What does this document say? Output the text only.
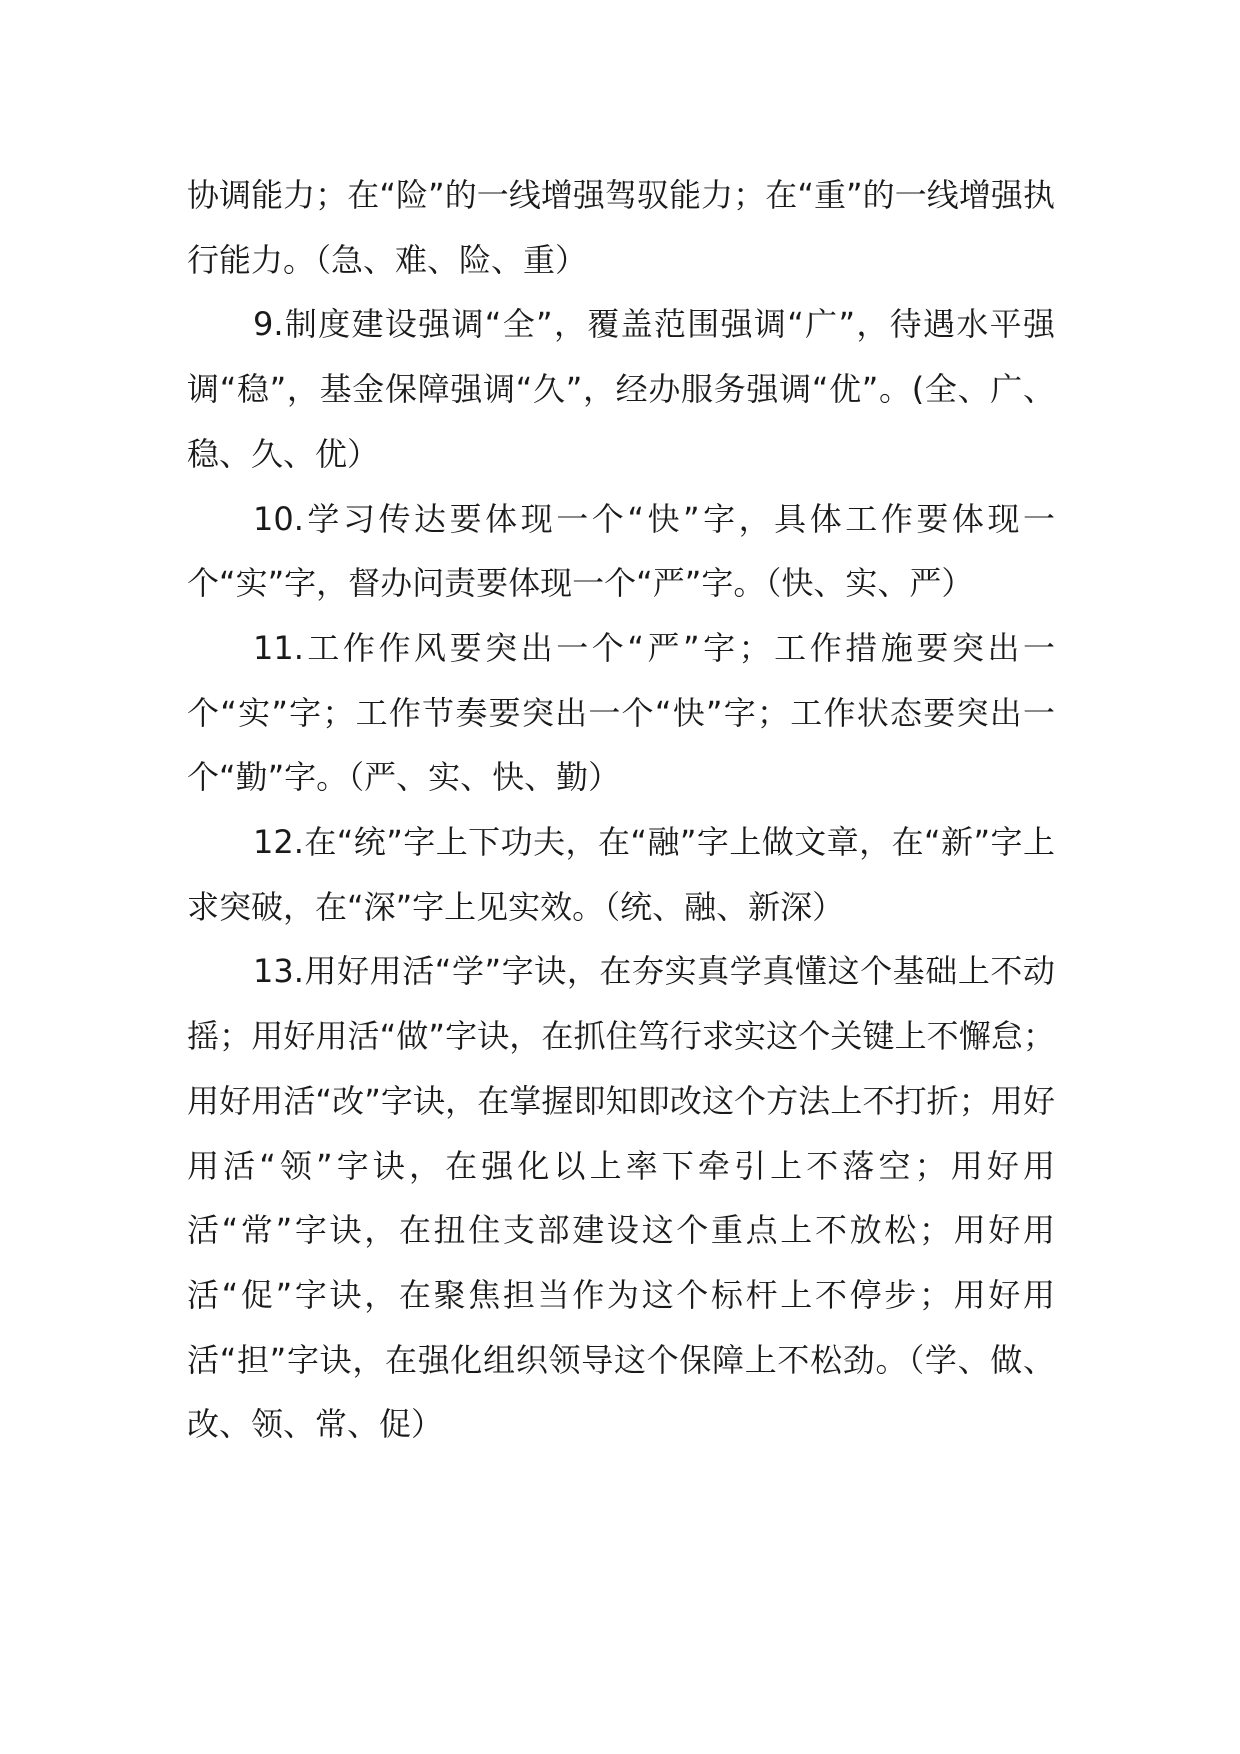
协调能力；在“险”的一线增强驾驭能力；在“重”的一线增强执行能力。（急、难、险、重）

9.制度建设强调“全”，覆盖范围强调“广”，待遇水平强调“稳”，基金保障强调“久”，经办服务强调“优”。(全、广、稳、久、优）

10.学习传达要体现一个“快”字，具体工作要体现一个“实”字，督办问责要体现一个“严”字。（快、实、严）

11.工作作风要突出一个“严”字；工作措施要突出一个“实”字；工作节奏要突出一个“快”字；工作状态要突出一个“勤”字。（严、实、快、勤）

12.在“统”字上下功夫，在“融”字上做文章，在“新”字上求突破，在“深”字上见实效。（统、融、新深）

13.用好用活“学”字诀，在夯实真学真懂这个基础上不动摇；用好用活“做”字诀，在抓住笃行求实这个关键上不懈怠；用好用活“改”字诀，在掌握即知即改这个方法上不打折；用好用活“领”字诀，在强化以上率下牵引上不落空；用好用活“常”字诀，在扭住支部建设这个重点上不放松；用好用活“促”字诀，在聚焦担当作为这个标杆上不停步；用好用活“担”字诀，在强化组织领导这个保障上不松劲。（学、做、改、领、常、促）
